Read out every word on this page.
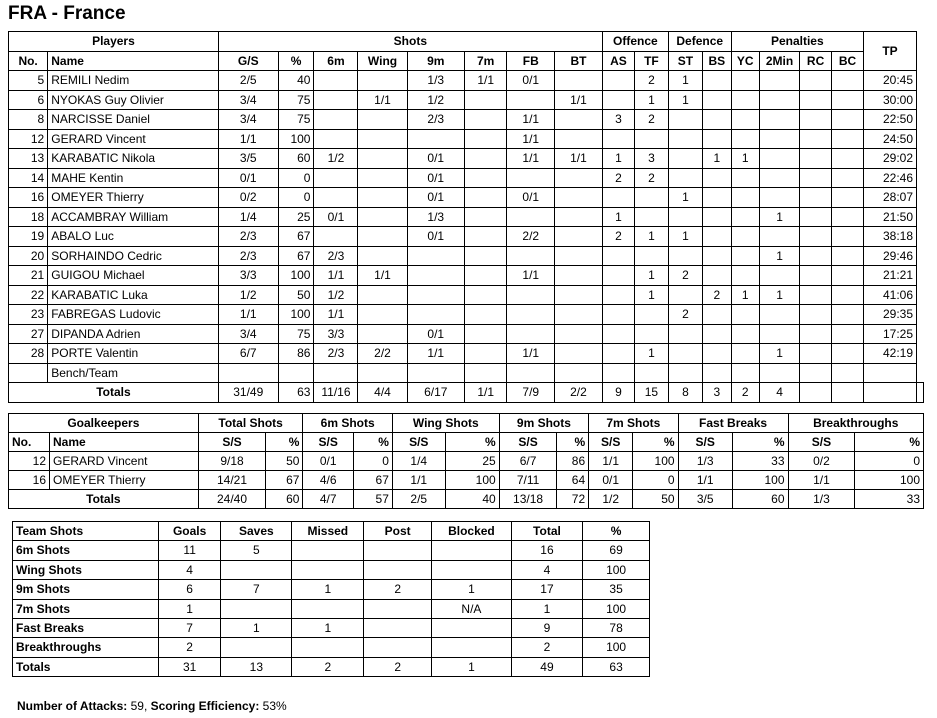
FRA - France
Players		Shots								Offence		Defence		Penalties				TP	
No.	Name	G/S	%	6m	Wing	9m	7m	FB	BT	AS	TF	ST	BS	YC	2Min	RC	BC		
5	REMILI Nedim	2/5	40			1/3	1/1	0/1			2	1						20:45	
6	NYOKAS Guy Olivier	3/4	75		1/1	1/2			1/1		1	1						30:00	
8	NARCISSE Daniel	3/4	75			2/3		1/1		3	2							22:50	
12	GERARD Vincent	1/1	100					1/1										24:50	
13	KARABATIC Nikola	3/5	60	1/2		0/1		1/1	1/1	1	3		1	1				29:02	
14	MAHE Kentin	0/1	0			0/1				2	2							22:46	
16	OMEYER Thierry	0/2	0			0/1		0/1				1						28:07	
18	ACCAMBRAY William	1/4	25	0/1		1/3				1					1			21:50	
19	ABALO Luc	2/3	67			0/1		2/2		2	1	1						38:18	
20	SORHAINDO Cedric	2/3	67	2/3											1			29:46	
21	GUIGOU Michael	3/3	100	1/1	1/1			1/1			1	2						21:21	
22	KARABATIC Luka	1/2	50	1/2							1		2	1	1			41:06	
23	FABREGAS Ludovic	1/1	100	1/1								2						29:35	
27	DIPANDA Adrien	3/4	75	3/3		0/1												17:25	
28	PORTE Valentin	6/7	86	2/3	2/2	1/1		1/1			1				1			42:19	
	Bench/Team																		
Totals		31/49	63	11/16	4/4	6/17	1/1	7/9	2/2	9	15	8	3	2	4				
Goalkeepers		Total Shots		6m Shots		Wing Shots		9m Shots		7m Shots		Fast Breaks		Breakthroughs	
No.	Name	S/S	%	S/S	%	S/S	%	S/S	%	S/S	%	S/S	%	S/S	%
12	GERARD Vincent	9/18	50	0/1	0	1/4	25	6/7	86	1/1	100	1/3	33	0/2	0
16	OMEYER Thierry	14/21	67	4/6	67	1/1	100	7/11	64	0/1	0	1/1	100	1/1	100
Totals		24/40	60	4/7	57	2/5	40	13/18	72	1/2	50	3/5	60	1/3	33
Team Shots	Goals	Saves	Missed	Post	Blocked	Total	%
6m Shots	11	5				16	69
Wing Shots	4					4	100
9m Shots	6	7	1	2	1	17	35
7m Shots	1				N/A	1	100
Fast Breaks	7	1	1			9	78
Breakthroughs	2					2	100
Totals	31	13	2	2	1	49	63
Number of Attacks: 59, Scoring Efficiency: 53%
